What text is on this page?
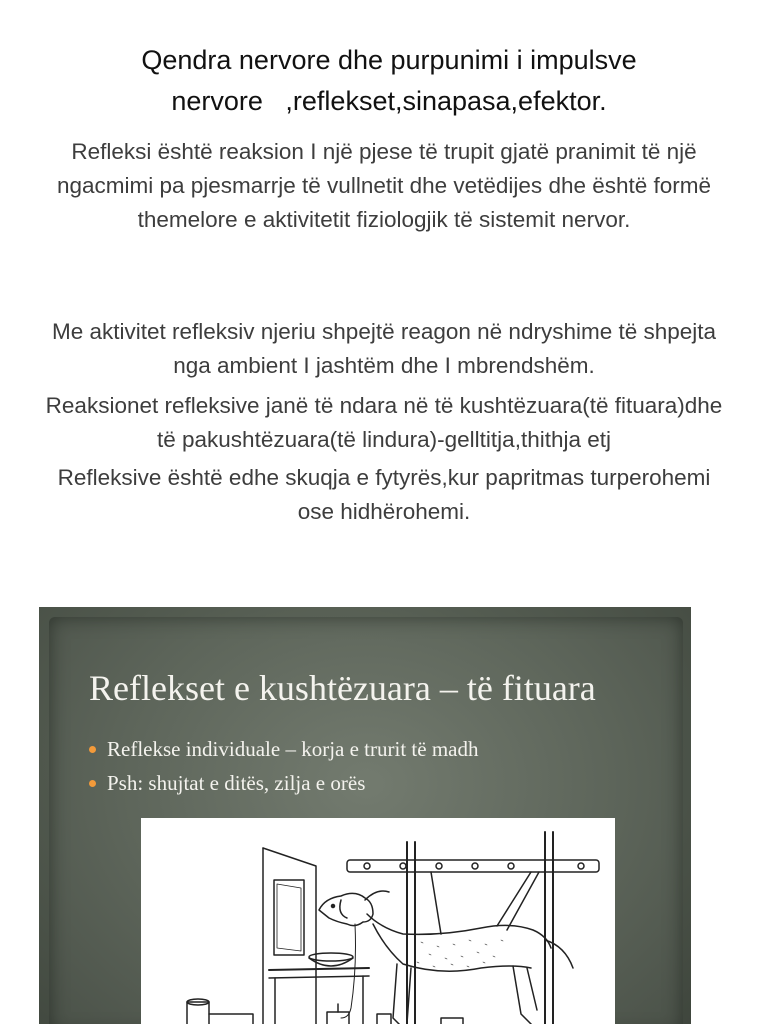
Qendra nervore dhe purpunimi i impulsve
nervore   ,reflekset,sinapasa,efektor.

Refleksi është reaksion I një pjese të trupit gjatë pranimit të një ngacmimi pa pjesmarrje të vullnetit dhe vetëdijes dhe është formë themelore e aktivitetit fiziologjik të sistemit nervor.

Me aktivitet refleksiv njeriu shpejtë reagon në ndryshime të shpejta nga ambient I jashtëm dhe I mbrendshëm.

Reaksionet refleksive janë të ndara në të kushtëzuara(të fituara)dhe të pakushtëzuara(të lindura)-gelltitja,thithja etj

Refleksive është edhe skuqja e fytyrës,kur papritmas turperohemi ose hidhërohemi.

Reflekset e kushtëzuara – të fituara
Reflekse individuale – korja e trurit të madh
Psh: shujtat e ditës, zilja e orës
